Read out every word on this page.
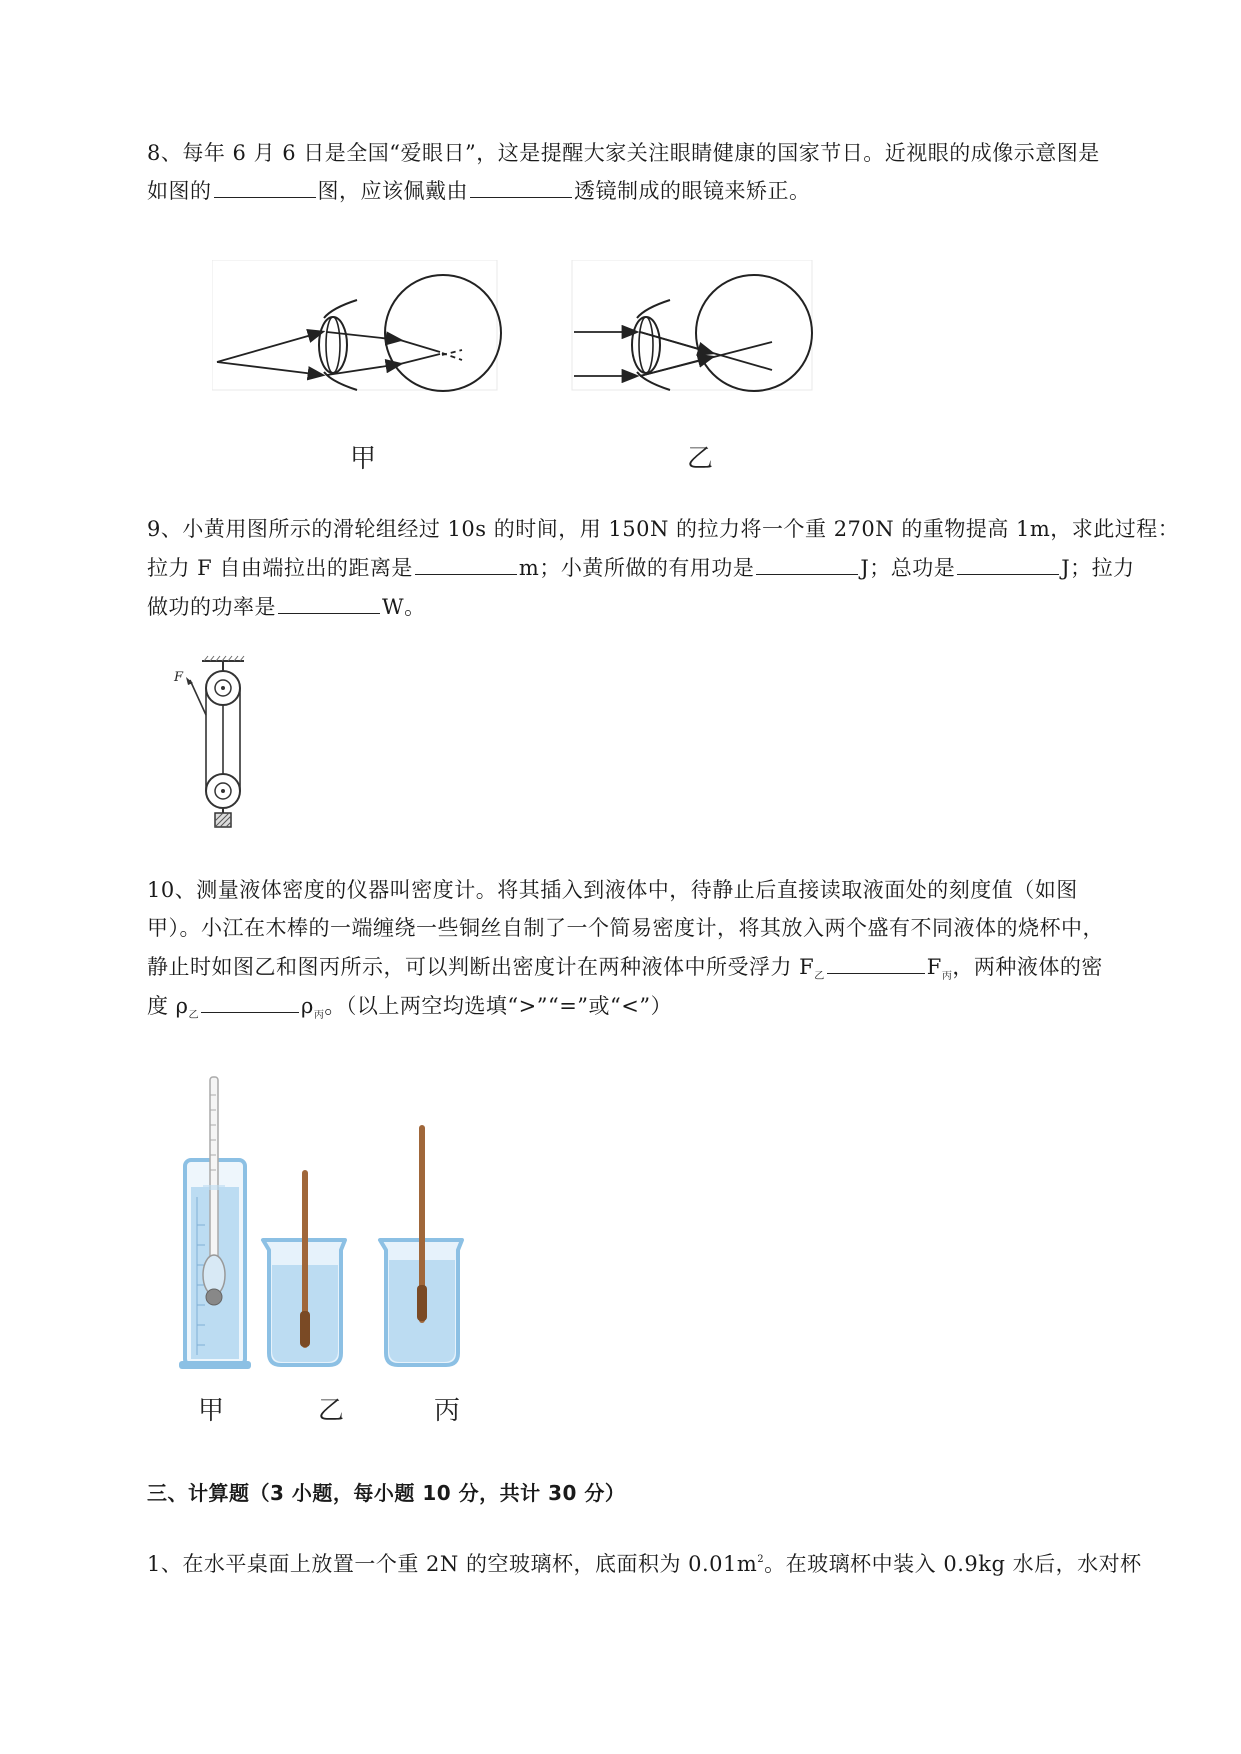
8、每年 6 月 6 日是全国“爱眼日”，这是提醒大家关注眼睛健康的国家节日。近视眼的成像示意图是
如图的	图，应该佩戴由	透镜制成的眼镜来矫正。
甲	乙
9、小黄用图所示的滑轮组经过 10s 的时间，用 150N 的拉力将一个重 270N 的重物提高 1m，求此过程：
拉力 F 自由端拉出的距离是	m；小黄所做的有用功是	J；总功是	J；拉力
做功的功率是	W。
F
10、测量液体密度的仪器叫密度计。将其插入到液体中，待静止后直接读取液面处的刻度值（如图
甲）。小江在木棒的一端缠绕一些铜丝自制了一个简易密度计，将其放入两个盛有不同液体的烧杯中，
静止时如图乙和图丙所示，可以判断出密度计在两种液体中所受浮力 $F_乙$	$F_丙$，两种液体的密
度 $\rho_乙$	$\rho_丙$。（以上两空均选填“>”“=”或“<”）
甲	乙	丙
三、计算题（3 小题，每小题 10 分，共计 30 分）
1、在水平桌面上放置一个重 2N 的空玻璃杯，底面积为 $0.01m^2$。在玻璃杯中装入 0.9kg 水后，水对杯
